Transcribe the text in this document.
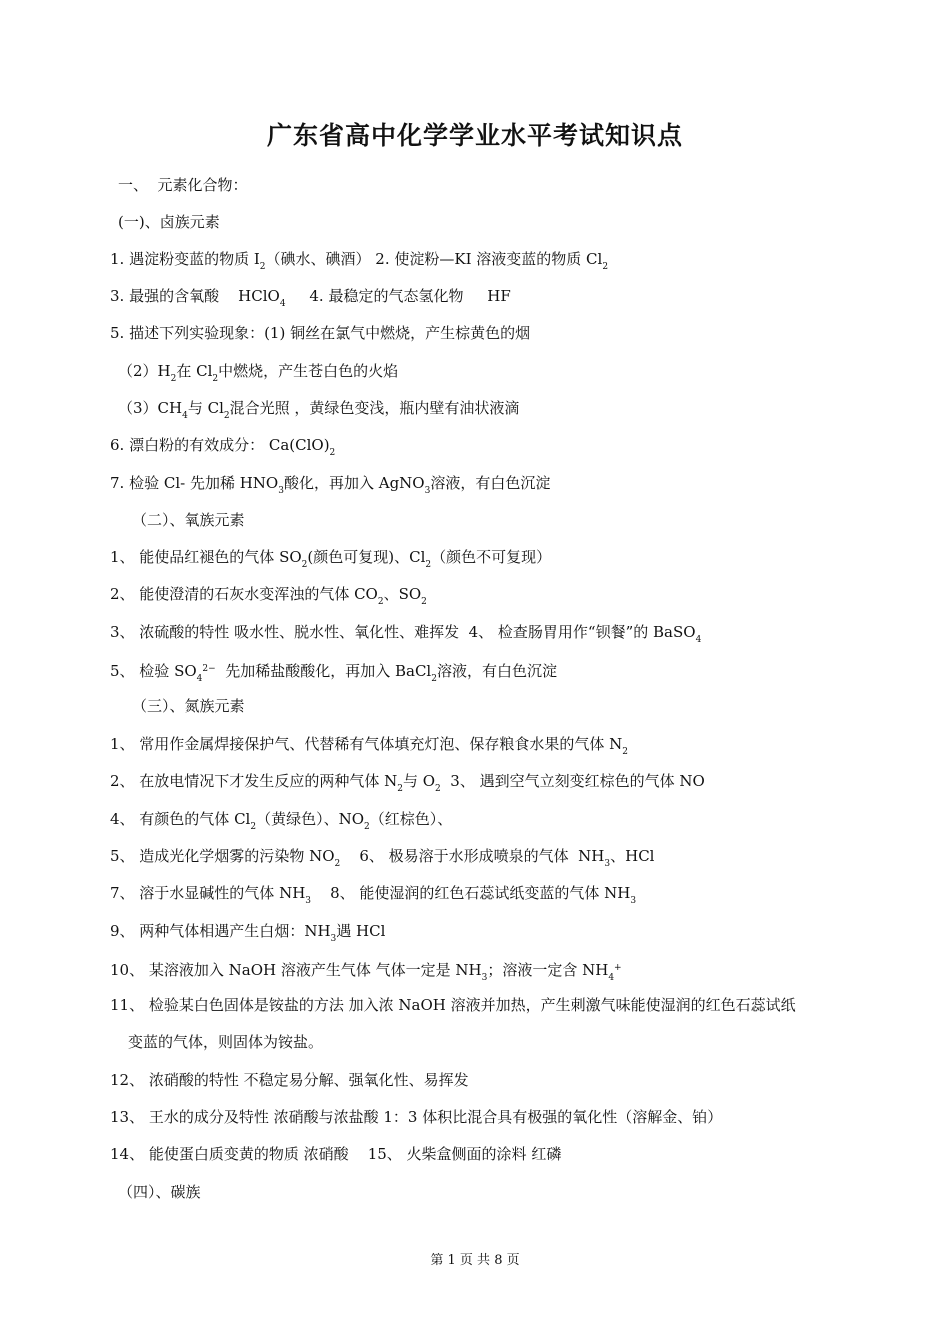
广东省高中化学学业水平考试知识点
一、  元素化合物：
(一)、卤族元素
1. 遇淀粉变蓝的物质 $I_2$（碘水、碘酒） 2. 使淀粉—KI 溶液变蓝的物质 $Cl_2$
3. 最强的含氧酸    HClO$_4$     4. 最稳定的气态氢化物     HF
5. 描述下列实验现象：(1) 铜丝在氯气中燃烧，产生棕黄色的烟
$(2)H_2$在 $Cl_2$中燃烧，产生苍白色的火焰
$(3)CH_4$与 $Cl_2$混合光照 ，黄绿色变浅，瓶内壁有油状液滴
6. 漂白粉的有效成分： $Ca(ClO)_2$
7. 检验 Cl- 先加稀 $HNO_3$酸化，再加入 AgNO$_3$溶液，有白色沉淀
（二）、氧族元素
1、 能使品红褪色的气体 $SO_2$(颜色可复现)、$Cl_2$（颜色不可复现）
2、 能使澄清的石灰水变浑浊的气体 $CO_2$、$SO_2$
3、 浓硫酸的特性 吸水性、脱水性、氧化性、难挥发  4、 检查肠胃用作“钡餐”的 BaSO$_4$
5、 检验 $SO_4^{2-}$  先加稀盐酸酸化，再加入 BaCl$_2$溶液，有白色沉淀
（三）、氮族元素
1、 常用作金属焊接保护气、代替稀有气体填充灯泡、保存粮食水果的气体 $N_2$
2、 在放电情况下才发生反应的两种气体 $N_2$与 $O_2$  3、 遇到空气立刻变红棕色的气体 NO
4、 有颜色的气体 $Cl_2$（黄绿色）、$NO_2$（红棕色）、
5、 造成光化学烟雾的污染物 $NO_2$    6、 极易溶于水形成喷泉的气体  $NH_3$、HCl
7、 溶于水显碱性的气体 $NH_3$    8、 能使湿润的红色石蕊试纸变蓝的气体 $NH_3$
9、 两种气体相遇产生白烟：$NH_3$遇 HCl
10、 某溶液加入 NaOH 溶液产生气体 气体一定是 $NH_3$；溶液一定含 $NH_4^+$
11、 检验某白色固体是铵盐的方法 加入浓 NaOH 溶液并加热，产生刺激气味能使湿润的红色石蕊试纸
变蓝的气体，则固体为铵盐。
12、 浓硝酸的特性 不稳定易分解、强氧化性、易挥发
13、 王水的成分及特性 浓硝酸与浓盐酸 1：3 体积比混合具有极强的氧化性（溶解金、铂）
14、 能使蛋白质变黄的物质 浓硝酸    15、 火柴盒侧面的涂料 红磷
（四）、碳族
第 1 页 共 8 页
